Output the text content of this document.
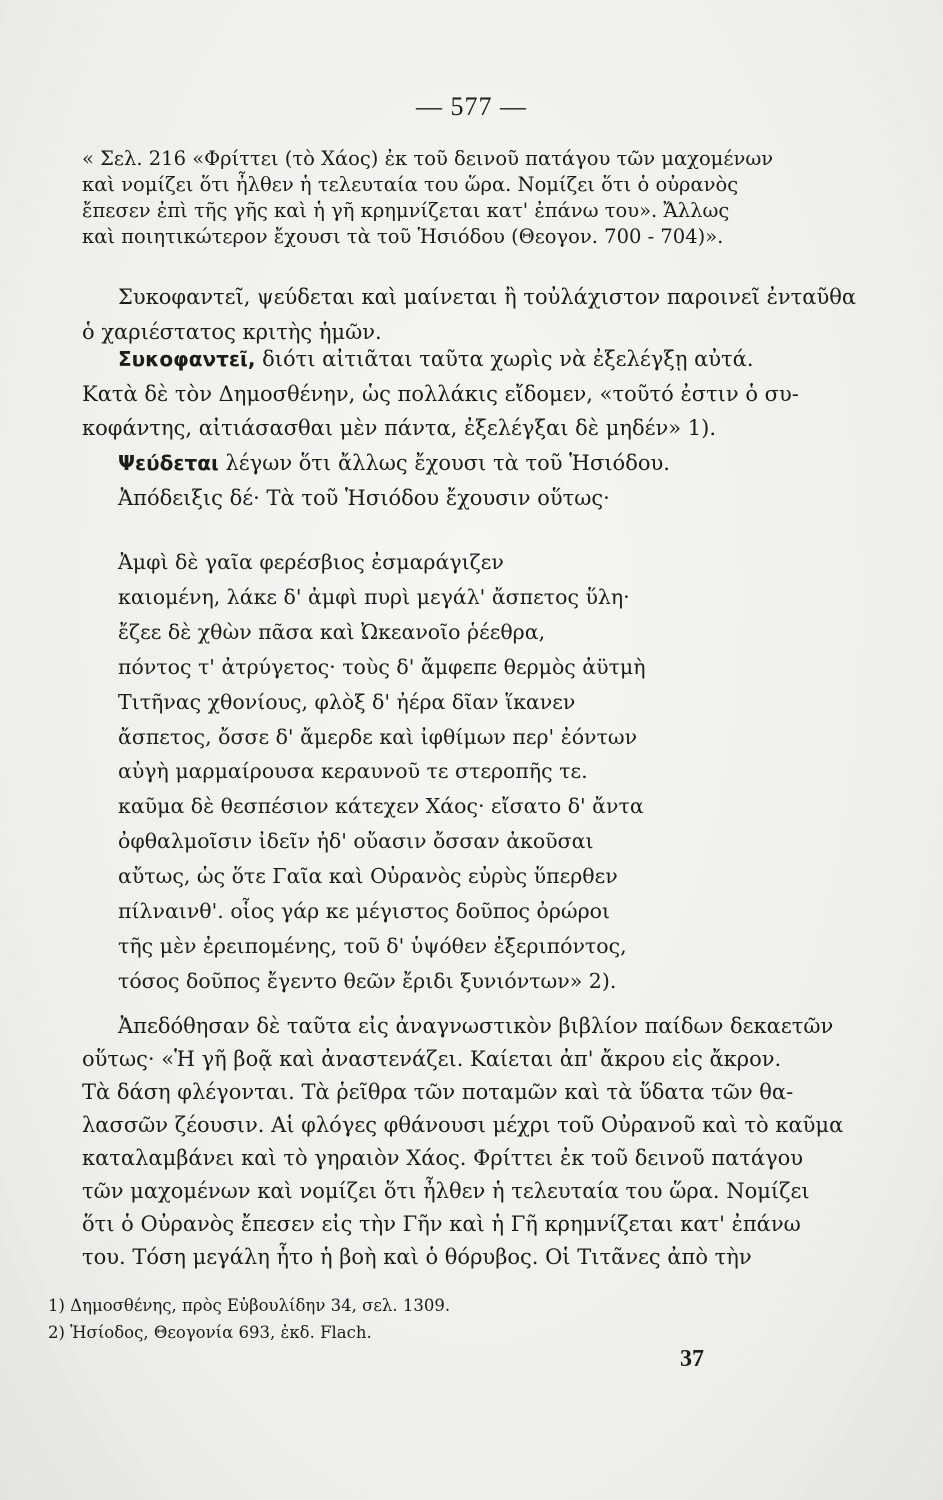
— 577 —
« Σελ. 216 «Φρίττει (τὸ Χάος) ἐκ τοῦ δεινοῦ πατάγου τῶν μαχομένων
καὶ νομίζει ὅτι ἦλθεν ἡ τελευταία του ὥρα. Νομίζει ὅτι ὁ οὐρανὸς
ἔπεσεν ἐπὶ τῆς γῆς καὶ ἡ γῆ κρημνίζεται κατ' ἐπάνω του». Ἄλλως
καὶ ποιητικώτερον ἔχουσι τὰ τοῦ Ἡσιόδου (Θεογον. 700 - 704)».
Συκοφαντεῖ, ψεύδεται καὶ μαίνεται ἢ τοὐλάχιστον παροινεῖ ἐνταῦθα
ὁ χαριέστατος κριτὴς ἡμῶν.
Συκοφαντεῖ, διότι αἰτιᾶται ταῦτα χωρὶς νὰ ἐξελέγξῃ αὐτά.
Κατὰ δὲ τὸν Δημοσθένην, ὡς πολλάκις εἴδομεν, «τοῦτό ἐστιν ὁ συ-
κοφάντης, αἰτιάσασθαι μὲν πάντα, ἐξελέγξαι δὲ μηδέν» 1).
Ψεύδεται λέγων ὅτι ἄλλως ἔχουσι τὰ τοῦ Ἡσιόδου.
Ἀπόδειξις δέ· Τὰ τοῦ Ἡσιόδου ἔχουσιν οὕτως·
Ἀμφὶ δὲ γαῖα φερέσβιος ἐσμαράγιζεν
καιομένη, λάκε δ' ἀμφὶ πυρὶ μεγάλ' ἄσπετος ὕλη·
ἔζεε δὲ χθὼν πᾶσα καὶ Ὠκεανοῖο ῥέεθρα,
πόντος τ' ἀτρύγετος· τοὺς δ' ἄμφεπε θερμὸς ἀϋτμὴ
Τιτῆνας χθονίους, φλὸξ δ' ἠέρα δῖαν ἵκανεν
ἄσπετος, ὄσσε δ' ἄμερδε καὶ ἰφθίμων περ' ἐόντων
αὐγὴ μαρμαίρουσα κεραυνοῦ τε στεροπῆς τε.
καῦμα δὲ θεσπέσιον κάτεχεν Χάος· εἴσατο δ' ἄντα
ὀφθαλμοῖσιν ἰδεῖν ἠδ' οὔασιν ὄσσαν ἀκοῦσαι
αὔτως, ὡς ὅτε Γαῖα καὶ Οὐρανὸς εὐρὺς ὕπερθεν
πίλναινθ'. οἷος γάρ κε μέγιστος δοῦπος ὀρώροι
τῆς μὲν ἐρειπομένης, τοῦ δ' ὑψόθεν ἐξεριπόντος,
τόσος δοῦπος ἔγεντο θεῶν ἔριδι ξυνιόντων» 2).
Ἀπεδόθησαν δὲ ταῦτα εἰς ἀναγνωστικὸν βιβλίον παίδων δεκαετῶν
οὕτως· «Ἡ γῆ βοᾷ καὶ ἀναστενάζει. Καίεται ἀπ' ἄκρου εἰς ἄκρον.
Τὰ δάση φλέγονται. Τὰ ῥεῖθρα τῶν ποταμῶν καὶ τὰ ὕδατα τῶν θα-
λασσῶν ζέουσιν. Αἱ φλόγες φθάνουσι μέχρι τοῦ Οὐρανοῦ καὶ τὸ καῦμα
καταλαμβάνει καὶ τὸ γηραιὸν Χάος. Φρίττει ἐκ τοῦ δεινοῦ πατάγου
τῶν μαχομένων καὶ νομίζει ὅτι ἦλθεν ἡ τελευταία του ὥρα. Νομίζει
ὅτι ὁ Οὐρανὸς ἔπεσεν εἰς τὴν Γῆν καὶ ἡ Γῆ κρημνίζεται κατ' ἐπάνω
του. Τόση μεγάλη ἦτο ἡ βοὴ καὶ ὁ θόρυβος. Οἱ Τιτᾶνες ἀπὸ τὴν
1) Δημοσθένης, πρὸς Εὐβουλίδην 34, σελ. 1309.
2) Ἡσίοδος, Θεογονία 693, ἐκδ. Flach.
37
